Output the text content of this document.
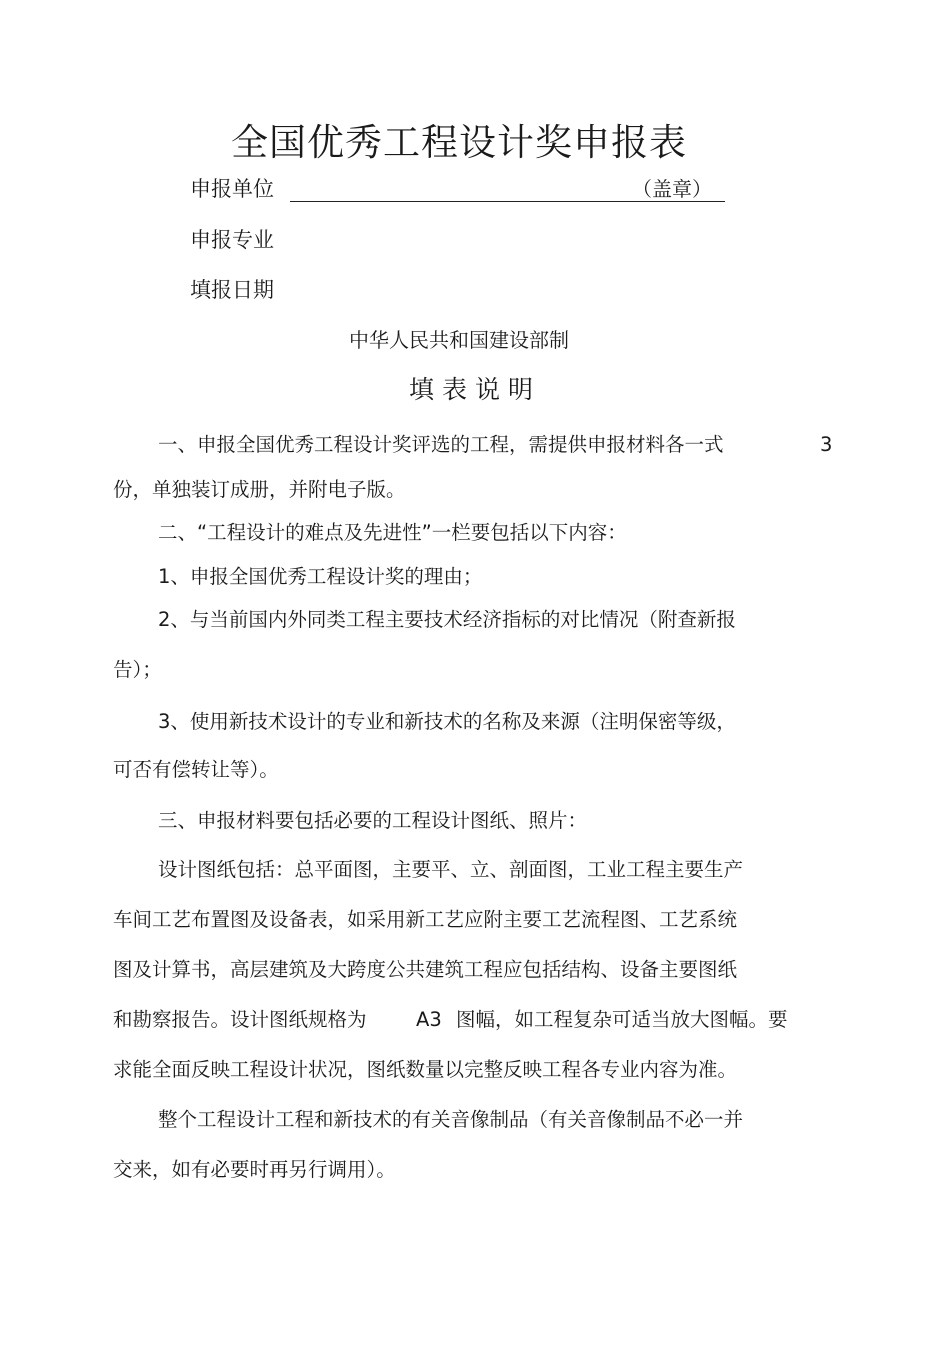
全国优秀工程设计奖申报表
申报单位	（盖章）
申报专业
填报日期
中华人民共和国建设部制
填表说明
一、申报全国优秀工程设计奖评选的工程，需提供申报材料各一式	3
份，单独装订成册，并附电子版。
二、“工程设计的难点及先进性”一栏要包括以下内容：
1、申报全国优秀工程设计奖的理由；
2、与当前国内外同类工程主要技术经济指标的对比情况（附查新报
告）；
3、使用新技术设计的专业和新技术的名称及来源（注明保密等级，
可否有偿转让等）。
三、申报材料要包括必要的工程设计图纸、照片：
设计图纸包括：总平面图，主要平、立、剖面图，工业工程主要生产
车间工艺布置图及设备表，如采用新工艺应附主要工艺流程图、工艺系统
图及计算书，高层建筑及大跨度公共建筑工程应包括结构、设备主要图纸
和勘察报告。设计图纸规格为	A3 图幅，如工程复杂可适当放大图幅。要
求能全面反映工程设计状况，图纸数量以完整反映工程各专业内容为准。
整个工程设计工程和新技术的有关音像制品（有关音像制品不必一并
交来，如有必要时再另行调用）。
